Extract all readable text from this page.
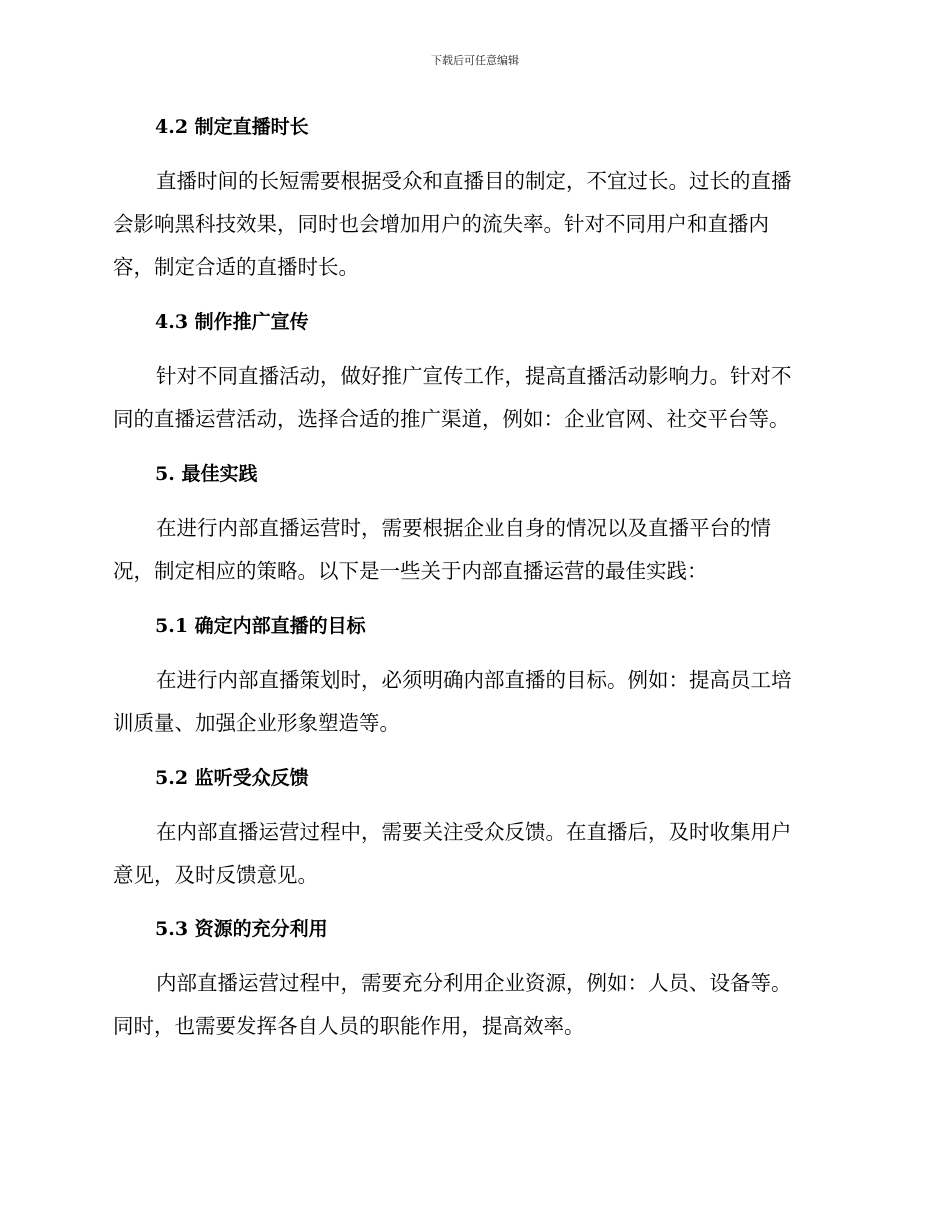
下载后可任意编辑
4.2 制定直播时长
直播时间的长短需要根据受众和直播目的制定，不宜过长。过长的直播
会影响黑科技效果，同时也会增加用户的流失率。针对不同用户和直播内
容，制定合适的直播时长。
4.3 制作推广宣传
针对不同直播活动，做好推广宣传工作，提高直播活动影响力。针对不
同的直播运营活动，选择合适的推广渠道，例如：企业官网、社交平台等。
5. 最佳实践
在进行内部直播运营时，需要根据企业自身的情况以及直播平台的情
况，制定相应的策略。以下是一些关于内部直播运营的最佳实践：
5.1 确定内部直播的目标
在进行内部直播策划时，必须明确内部直播的目标。例如：提高员工培
训质量、加强企业形象塑造等。
5.2 监听受众反馈
在内部直播运营过程中，需要关注受众反馈。在直播后，及时收集用户
意见，及时反馈意见。
5.3 资源的充分利用
内部直播运营过程中，需要充分利用企业资源，例如：人员、设备等。
同时，也需要发挥各自人员的职能作用，提高效率。
